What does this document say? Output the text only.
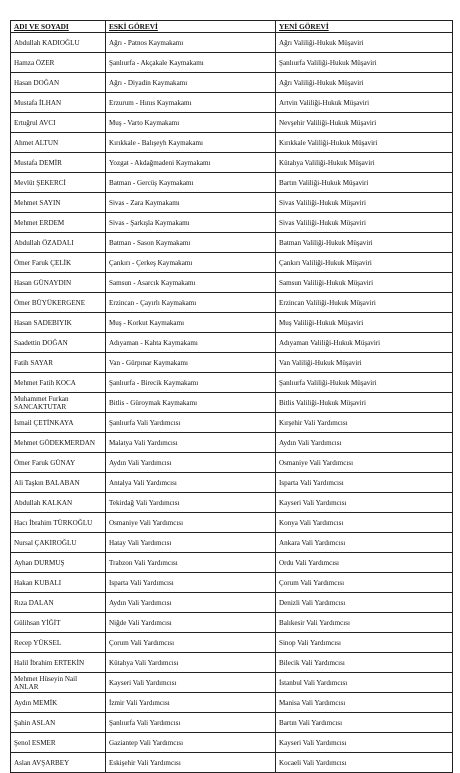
ADI VE SOYADI	ESKİ GÖREVİ	YENİ GÖREVİ
Abdullah KADIOĞLU	Ağrı - Patnos Kaymakamı	Ağrı Valiliği-Hukuk Müşaviri
Hamza ÖZER	Şanlıurfa - Akçakale Kaymakamı	Şanlıurfa Valiliği-Hukuk Müşaviri
Hasan DOĞAN	Ağrı - Diyadin Kaymakamı	Ağrı Valiliği-Hukuk Müşaviri
Mustafa İLHAN	Erzurum - Hınıs Kaymakamı	Artvin Valiliği-Hukuk Müşaviri
Ertuğrul AVCI	Muş - Varto Kaymakamı	Nevşehir Valiliği-Hukuk Müşaviri
Ahmet ALTUN	Kırıkkale - Balışeyh Kaymakamı	Kırıkkale Valiliği-Hukuk Müşaviri
Mustafa DEMİR	Yozgat - Akdağmadeni Kaymakamı	Kütahya Valiliği-Hukuk Müşaviri
Mevlüt ŞEKERCİ	Batman - Gercüş Kaymakamı	Bartın Valiliği-Hukuk Müşaviri
Mehmet SAYIN	Sivas - Zara Kaymakamı	Sivas Valiliği-Hukuk Müşaviri
Mehmet ERDEM	Sivas - Şarkışla Kaymakamı	Sivas Valiliği-Hukuk Müşaviri
Abdullah ÖZADALI	Batman - Sason Kaymakamı	Batman Valiliği-Hukuk Müşaviri
Ömer Faruk ÇELİK	Çankırı - Çerkeş Kaymakamı	Çankırı Valiliği-Hukuk Müşaviri
Hasan GÜNAYDIN	Samsun - Asarcık Kaymakamı	Samsun Valiliği-Hukuk Müşaviri
Ömer BÜYÜKERGENE	Erzincan - Çayırlı Kaymakamı	Erzincan Valiliği-Hukuk Müşaviri
Hasan SADEBIYIK	Muş - Korkut Kaymakamı	Muş Valiliği-Hukuk Müşaviri
Saadettin DOĞAN	Adıyaman - Kahta Kaymakamı	Adıyaman Valiliği-Hukuk Müşaviri
Fatih SAYAR	Van - Gürpınar Kaymakamı	Van Valiliği-Hukuk Müşaviri
Mehmet Fatih KOCA	Şanlıurfa - Birecik Kaymakamı	Şanlıurfa Valiliği-Hukuk Müşaviri
Muhammet Furkan SANCAKTUTAR	Bitlis - Güroymak Kaymakamı	Bitlis Valiliği-Hukuk Müşaviri
İsmail ÇETİNKAYA	Şanlıurfa Vali Yardımcısı	Kırşehir Vali Yardımcısı
Mehmet GÖDEKMERDAN	Malatya Vali Yardımcısı	Aydın Vali Yardımcısı
Ömer Faruk GÜNAY	Aydın Vali Yardımcısı	Osmaniye Vali Yardımcısı
Ali Taşkın BALABAN	Antalya Vali Yardımcısı	Isparta Vali Yardımcısı
Abdullah KALKAN	Tekirdağ Vali Yardımcısı	Kayseri Vali Yardımcısı
Hacı İbrahim TÜRKOĞLU	Osmaniye Vali Yardımcısı	Konya Vali Yardımcısı
Nursal ÇAKIROĞLU	Hatay Vali Yardımcısı	Ankara Vali Yardımcısı
Ayhan DURMUŞ	Trabzon Vali Yardımcısı	Ordu Vali Yardımcısı
Hakan KUBALI	Isparta Vali Yardımcısı	Çorum Vali Yardımcısı
Rıza DALAN	Aydın Vali Yardımcısı	Denizli Vali Yardımcısı
Gülihsan YİĞİT	Niğde Vali Yardımcısı	Balıkesir Vali Yardımcısı
Recep YÜKSEL	Çorum Vali Yardımcısı	Sinop Vali Yardımcısı
Halil İbrahim ERTEKİN	Kütahya Vali Yardımcısı	Bilecik Vali Yardımcısı
Mehmet Hüseyin Nail ANLAR	Kayseri Vali Yardımcısı	İstanbul Vali Yardımcısı
Aydın MEMİK	İzmir Vali Yardımcısı	Manisa Vali Yardımcısı
Şahin ASLAN	Şanlıurfa Vali Yardımcısı	Bartın Vali Yardımcısı
Şenol ESMER	Gaziantep Vali Yardımcısı	Kayseri Vali Yardımcısı
Aslan AVŞARBEY	Eskişehir Vali Yardımcısı	Kocaeli Vali Yardımcısı
